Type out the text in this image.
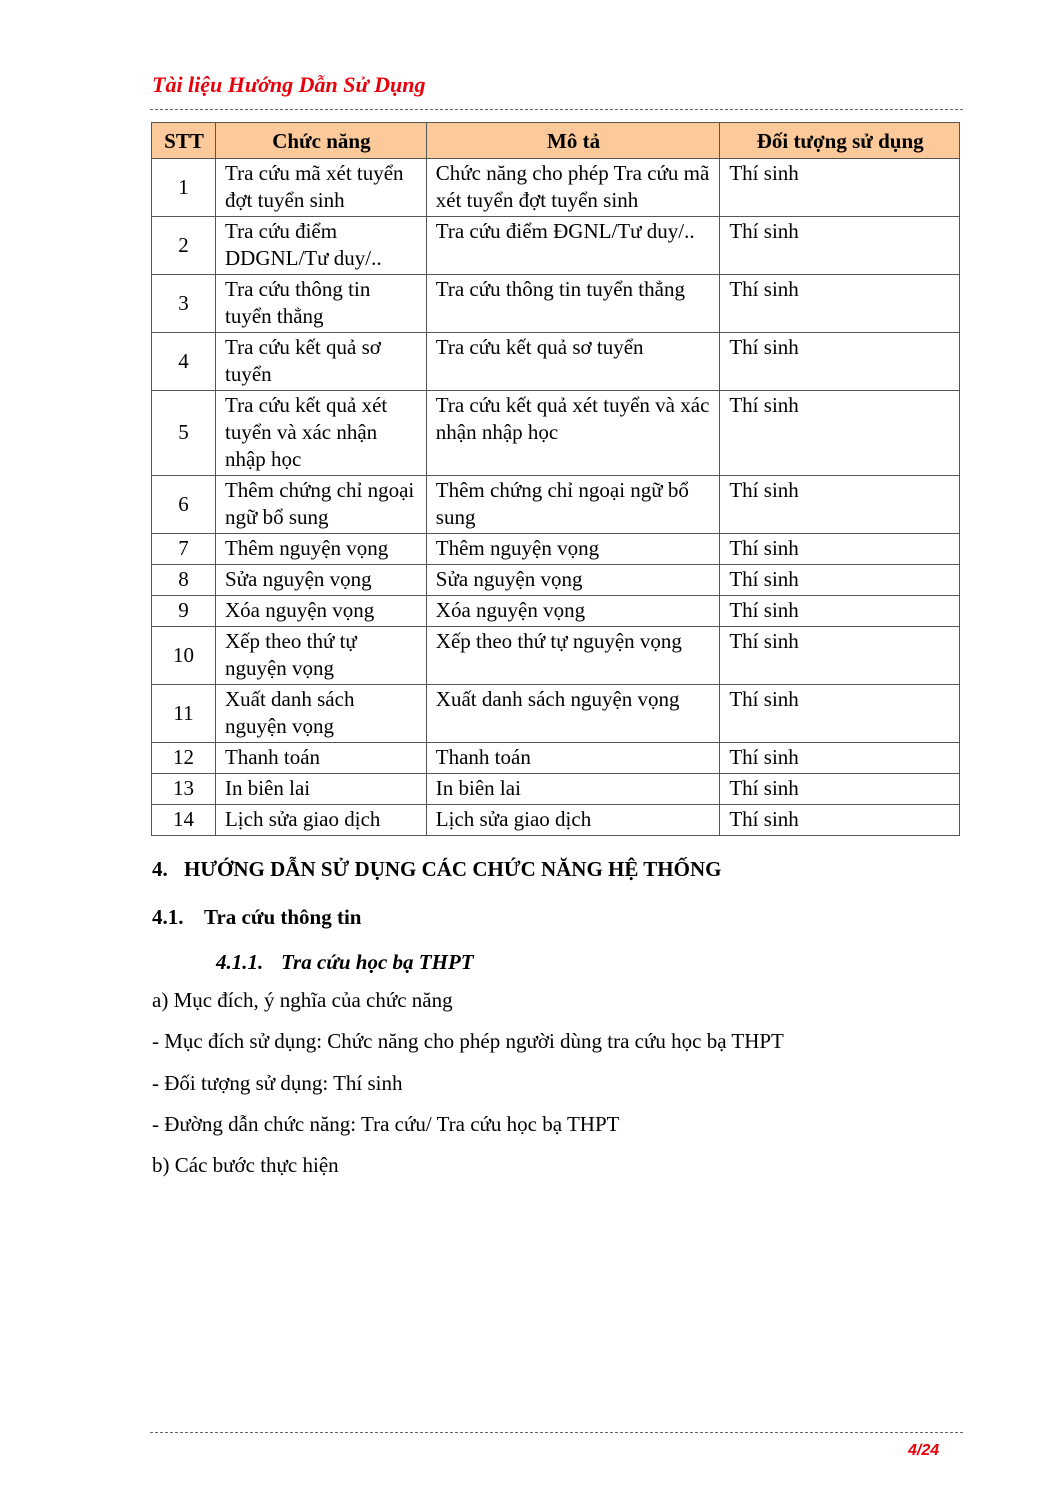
Tài liệu Hướng Dẫn Sử Dụng
STT	Chức năng	Mô tả	Đối tượng sử dụng
1	Tra cứu mã xét tuyển đợt tuyển sinh	Chức năng cho phép Tra cứu mã xét tuyển đợt tuyển sinh	Thí sinh
2	Tra cứu điểm DDGNL/Tư duy/..	Tra cứu điểm ĐGNL/Tư duy/..	Thí sinh
3	Tra cứu thông tin tuyển thẳng	Tra cứu thông tin tuyển thẳng	Thí sinh
4	Tra cứu kết quả sơ tuyển	Tra cứu kết quả sơ tuyển	Thí sinh
5	Tra cứu kết quả xét tuyển và xác nhận nhập học	Tra cứu kết quả xét tuyển và xác nhận nhập học	Thí sinh
6	Thêm chứng chỉ ngoại ngữ bổ sung	Thêm chứng chỉ ngoại ngữ bổ sung	Thí sinh
7	Thêm nguyện vọng	Thêm nguyện vọng	Thí sinh
8	Sửa nguyện vọng	Sửa nguyện vọng	Thí sinh
9	Xóa nguyện vọng	Xóa nguyện vọng	Thí sinh
10	Xếp theo thứ tự nguyện vọng	Xếp theo thứ tự nguyện vọng	Thí sinh
11	Xuất danh sách nguyện vọng	Xuất danh sách nguyện vọng	Thí sinh
12	Thanh toán	Thanh toán	Thí sinh
13	In biên lai	In biên lai	Thí sinh
14	Lịch sửa giao dịch	Lịch sửa giao dịch	Thí sinh
4. HƯỚNG DẪN SỬ DỤNG CÁC CHỨC NĂNG HỆ THỐNG
4.1. Tra cứu thông tin
4.1.1. Tra cứu học bạ THPT
a) Mục đích, ý nghĩa của chức năng
- Mục đích sử dụng: Chức năng cho phép người dùng tra cứu học bạ THPT
- Đối tượng sử dụng: Thí sinh
- Đường dẫn chức năng: Tra cứu/ Tra cứu học bạ THPT
b) Các bước thực hiện
4/24
